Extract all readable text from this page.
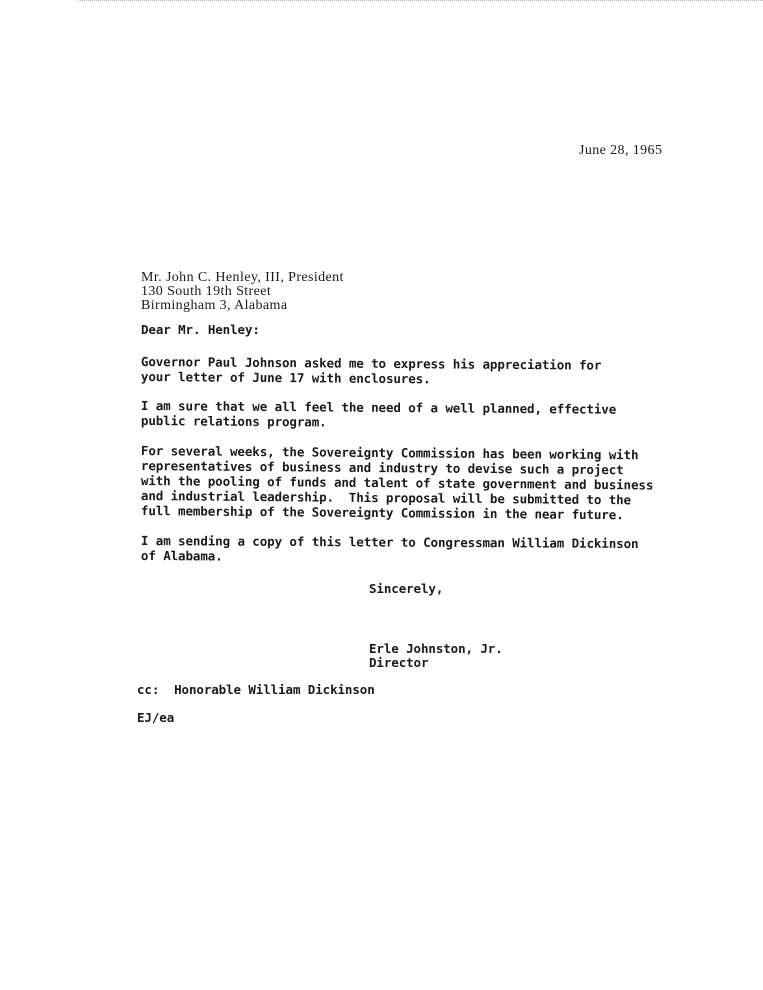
June 28, 1965
Mr. John C. Henley, III, President
130 South 19th Street
Birmingham 3, Alabama
Dear Mr. Henley:
Governor Paul Johnson asked me to express his appreciation for
your letter of June 17 with enclosures.
I am sure that we all feel the need of a well planned, effective
public relations program.
For several weeks, the Sovereignty Commission has been working with
representatives of business and industry to devise such a project
with the pooling of funds and talent of state government and business
and industrial leadership.  This proposal will be submitted to the
full membership of the Sovereignty Commission in the near future.
I am sending a copy of this letter to Congressman William Dickinson
of Alabama.
Sincerely,
Erle Johnston, Jr.
Director
cc:  Honorable William Dickinson
EJ/ea
